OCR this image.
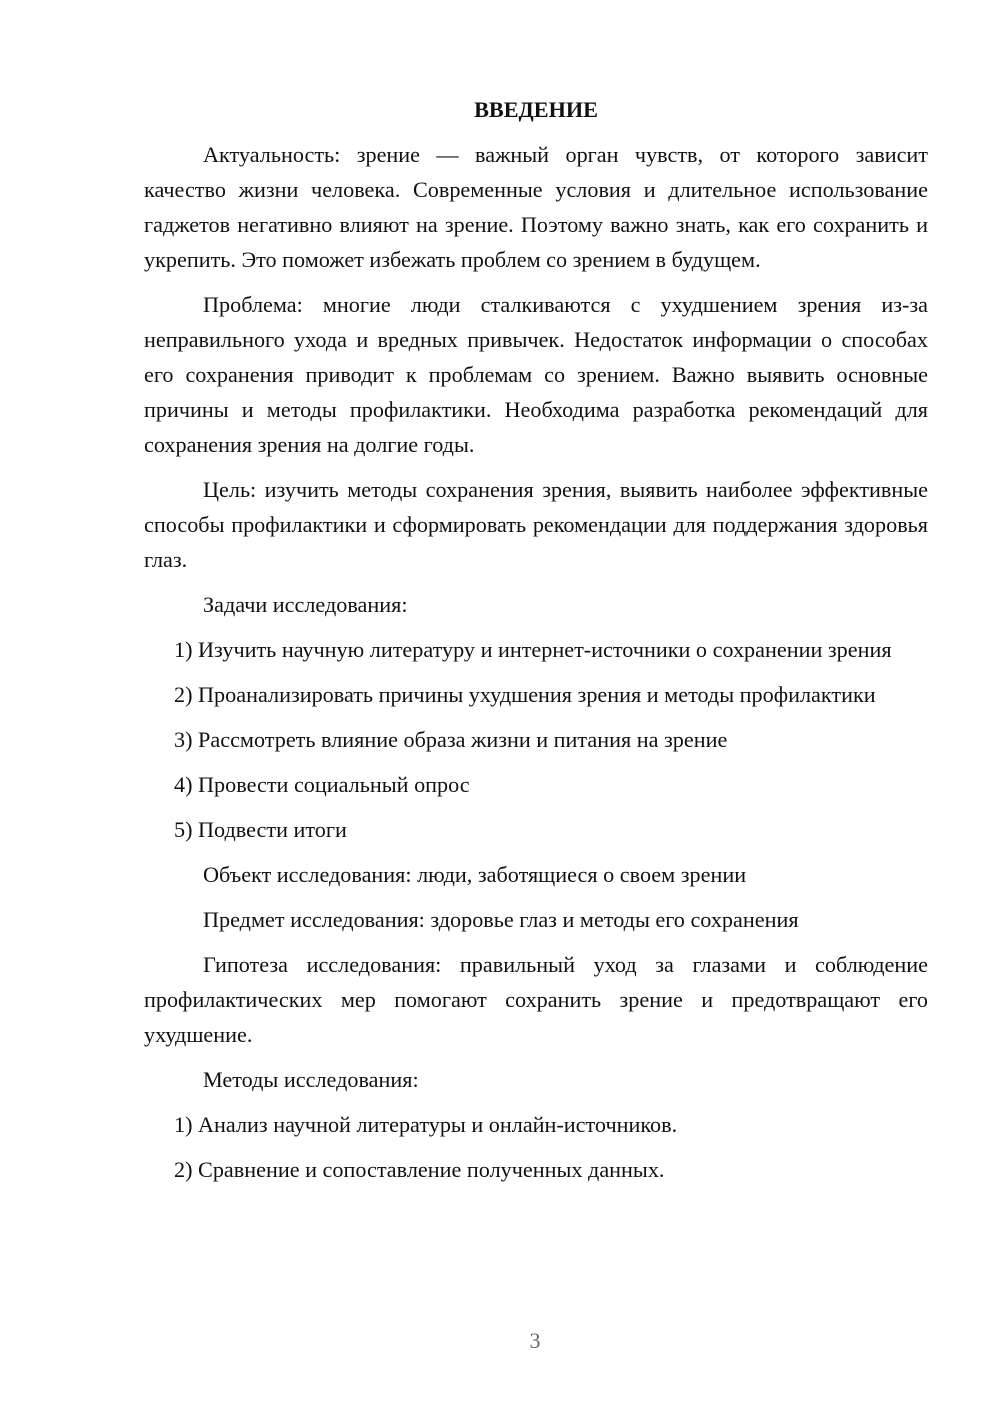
ВВЕДЕНИЕ

Актуальность: зрение — важный орган чувств, от которого зависит качество жизни человека. Современные условия и длительное использование гаджетов негативно влияют на зрение. Поэтому важно знать, как его сохранить и укрепить. Это поможет избежать проблем со зрением в будущем.

Проблема: многие люди сталкиваются с ухудшением зрения из-за неправильного ухода и вредных привычек. Недостаток информации о способах его сохранения приводит к проблемам со зрением. Важно выявить основные причины и методы профилактики. Необходима разработка рекомендаций для сохранения зрения на долгие годы.

Цель: изучить методы сохранения зрения, выявить наиболее эффективные способы профилактики и сформировать рекомендации для поддержания здоровья глаз.

Задачи исследования:

1) Изучить научную литературу и интернет-источники о сохранении зрения

2) Проанализировать причины ухудшения зрения и методы профилактики

3) Рассмотреть влияние образа жизни и питания на зрение

4) Провести социальный опрос

5) Подвести итоги

Объект исследования: люди, заботящиеся о своем зрении

Предмет исследования: здоровье глаз и методы его сохранения

Гипотеза исследования: правильный уход за глазами и соблюдение профилактических мер помогают сохранить зрение и предотвращают его ухудшение.

Методы исследования:

1) Анализ научной литературы и онлайн-источников.

2) Сравнение и сопоставление полученных данных.

3
